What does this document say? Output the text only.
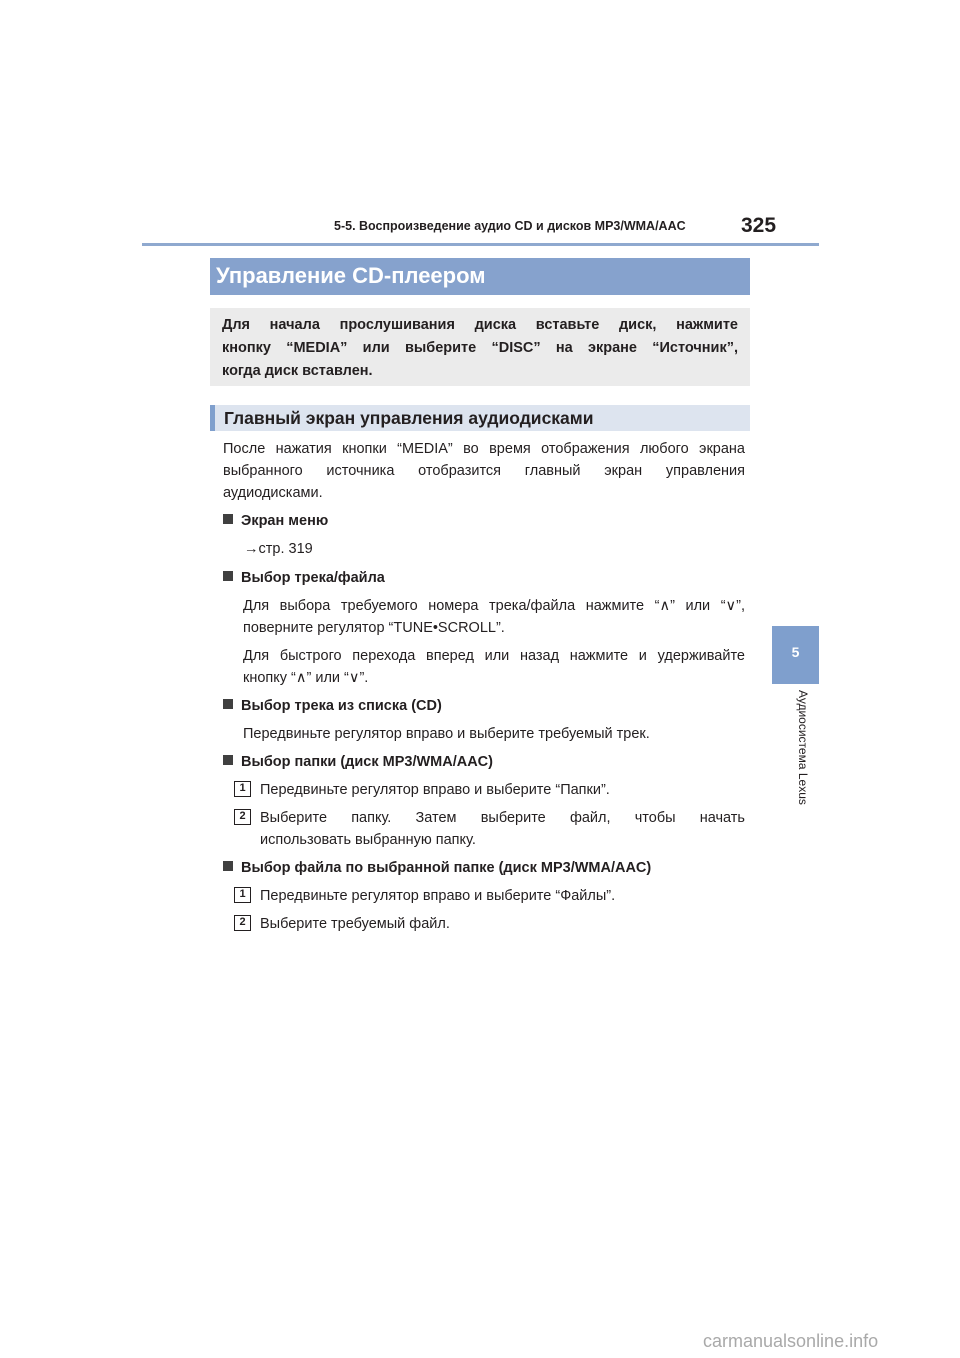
5-5. Воспроизведение аудио CD и дисков MP3/WMA/AAC	325
5
Аудиосистема Lexus
Управление CD-плеером
Для начала прослушивания диска вставьте диск, нажмите
кнопку “MEDIA” или выберите “DISC” на экране “Источник”,
когда диск вставлен.
Главный экран управления аудиодисками
После нажатия кнопки “MEDIA” во время отображения любого экрана
выбранного источника отобразится главный экран управления
аудиодисками.
Экран меню
→стр. 319
Выбор трека/файла
Для выбора требуемого номера трека/файла нажмите “∧” или “∨”,
поверните регулятор “TUNE•SCROLL”.
Для быстрого перехода вперед или назад нажмите и удерживайте
кнопку “∧” или “∨”.
Выбор трека из списка (CD)
Передвиньте регулятор вправо и выберите требуемый трек.
Выбор папки (диск MP3/WMA/AAC)
1 Передвиньте регулятор вправо и выберите “Папки”.
2 Выберите папку. Затем выберите файл, чтобы начать
использовать выбранную папку.
Выбор файла по выбранной папке (диск MP3/WMA/AAC)
1 Передвиньте регулятор вправо и выберите “Файлы”.
2 Выберите требуемый файл.
carmanualsonline.info
